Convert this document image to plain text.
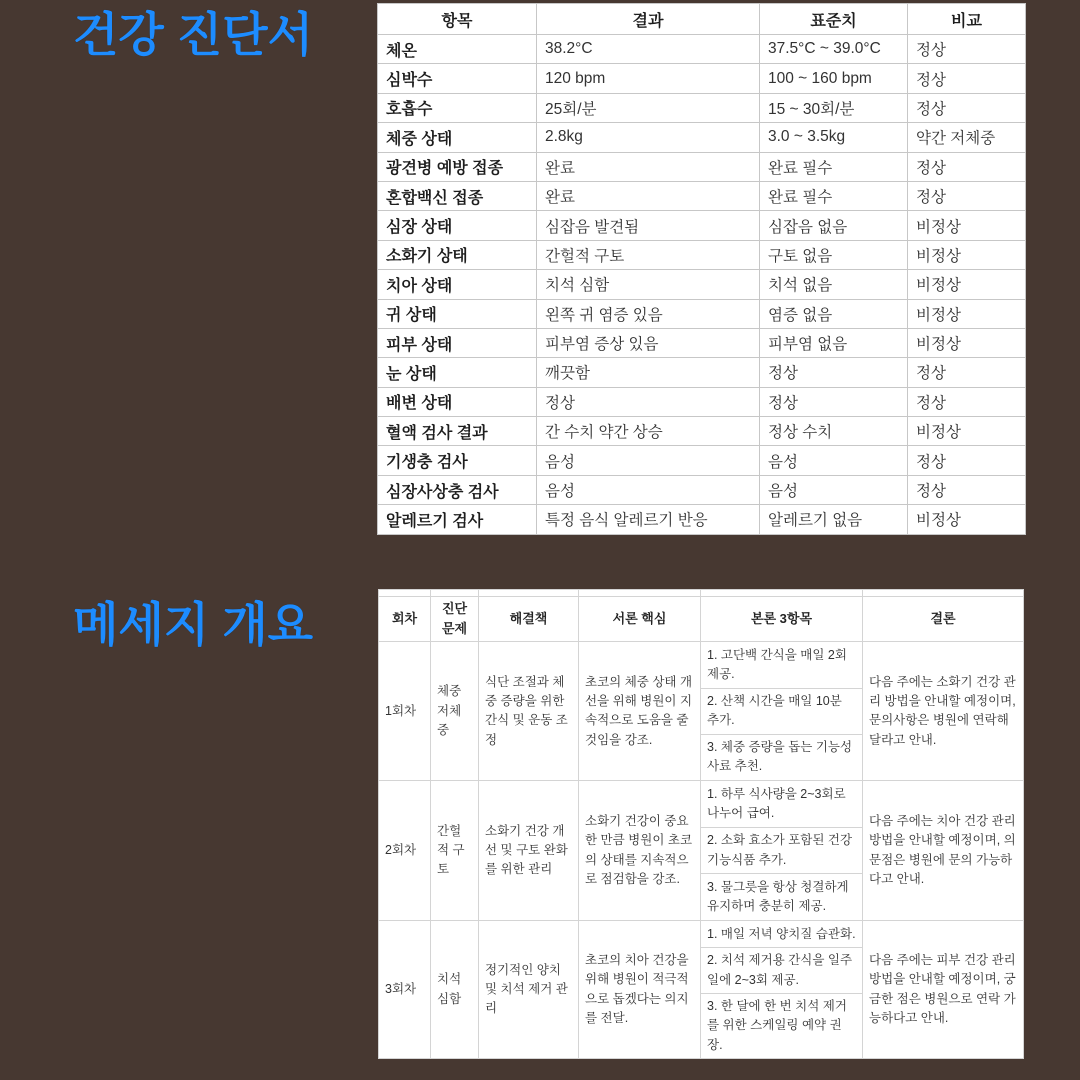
건강 진단서	항목	결과	표준치	비교
체온	38.2°C	37.5°C ~ 39.0°C	정상
심박수	120 bpm	100 ~ 160 bpm	정상
호흡수	25회/분	15 ~ 30회/분	정상
체중 상태	2.8kg	3.0 ~ 3.5kg	약간 저체중
광견병 예방 접종	완료	완료 필수	정상
혼합백신 접종	완료	완료 필수	정상
심장 상태	심잡음 발견됨	심잡음 없음	비정상
소화기 상태	간헐적 구토	구토 없음	비정상
치아 상태	치석 심함	치석 없음	비정상
귀 상태	왼쪽 귀 염증 있음	염증 없음	비정상
피부 상태	피부염 증상 있음	피부염 없음	비정상
눈 상태	깨끗함	정상	정상
배변 상태	정상	정상	정상
혈액 검사 결과	간 수치 약간 상승	정상 수치	비정상
기생충 검사	음성	음성	정상
심장사상충 검사	음성	음성	정상
알레르기 검사	특정 음식 알레르기 반응	알레르기 없음	비정상
메세지 개요
						회차	진단 문제	해결책	서론 핵심	본론 3항목	결론
1회차	체중 저체중	식단 조절과 체중 증량을 위한 간식 및 운동 조정	초코의 체중 상태 개선을 위해 병원이 지속적으로 도움을 줄 것임을 강조.	1. 고단백 간식을 매일 2회 제공.
2. 산책 시간을 매일 10분 추가.
3. 체중 증량을 돕는 기능성 사료 추천.	다음 주에는 소화기 건강 관리 방법을 안내할 예정이며, 문의사항은 병원에 연락해 달라고 안내.
2회차	간헐적 구토	소화기 건강 개선 및 구토 완화를 위한 관리	소화기 건강이 중요한 만큼 병원이 초코의 상태를 지속적으로 점검함을 강조.	1. 하루 식사량을 2~3회로 나누어 급여.
2. 소화 효소가 포함된 건강 기능식품 추가.
3. 물그릇을 항상 청결하게 유지하며 충분히 제공.	다음 주에는 치아 건강 관리 방법을 안내할 예정이며, 의문점은 병원에 문의 가능하다고 안내.
3회차	치석 심함	정기적인 양치 및 치석 제거 관리	초코의 치아 건강을 위해 병원이 적극적으로 돕겠다는 의지를 전달.	1. 매일 저녁 양치질 습관화.
2. 치석 제거용 간식을 일주일에 2~3회 제공.
3. 한 달에 한 번 치석 제거를 위한 스케일링 예약 권장.	다음 주에는 피부 건강 관리 방법을 안내할 예정이며, 궁금한 점은 병원으로 연락 가능하다고 안내.
